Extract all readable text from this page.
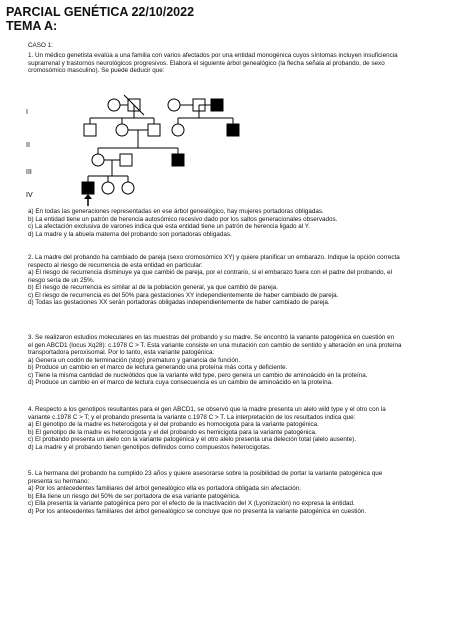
PARCIAL GENÉTICA 22/10/2022
TEMA A:
CASO 1:
1. Un médico genetista evalúa a una familia con varios afectados por una entidad monogénica cuyos síntomas incluyen insuficiencia
suprarrenal y trastornos neurológicos progresivos. Elabora el siguiente árbol genealógico (la flecha señala al probando, de sexo
cromosómico masculino). Se puede deducir que:
I
II
III
IV
a) En todas las generaciones representadas en ese árbol genealógico, hay mujeres portadoras obligadas.
b) La entidad tiene un patrón de herencia autosómico recesivo dado por los saltos generacionales observados.
c) La afectación exclusiva de varones indica que esta entidad tiene un patrón de herencia ligado al Y.
d) La madre y la abuela materna del probando son portadoras obligadas.
2. La madre del probando ha cambiado de pareja (sexo cromosómico XY) y quiere planificar un embarazo. Indique la opción correcta
respecto al riesgo de recurrencia de esta entidad en particular:
a) El riesgo de recurrencia disminuye ya que cambió de pareja, por el contrario, si el embarazo fuera con el padre del probando, el
riesgo sería de un 25%.
b) El riesgo de recurrencia es similar al de la población general, ya que cambió de pareja.
c) El riesgo de recurrencia es del 50% para gestaciones XY independientemente de haber cambiado de pareja.
d) Todas las gestaciones XX serán portadoras obligadas independientemente de haber cambiado de pareja.
3. Se realizaron estudios moleculares en las muestras del probando y su madre. Se encontró la variante patogénica en cuestión en
el gen ABCD1 (locus Xq28): c.1978 C > T. Esta variante consiste en una mutación con cambio de sentido y alteración en una proteína
transportadora peroxisomal. Por lo tanto, esta variante patogénica:
a) Genera un codón de terminación (stop) prematuro y ganancia de función.
b) Produce un cambio en el marco de lectura generando una proteína más corta y deficiente.
c) Tiene la misma cantidad de nucleótidos que la variante wild type, pero genera un cambio de aminoácido en la proteína.
d) Produce un cambio en el marco de lectura cuya consecuencia es un cambio de aminoácido en la proteína.
4. Respecto a los genotipos resultantes para el gen ABCD1, se observó que la madre presenta un alelo wild type y el otro con la
variante c.1978 C > T; y el probando presenta la variante c.1978 C > T. La interpretación de los resultados indica que:
a) El genotipo de la madre es heterocigota y el del probando es homocigota para la variante patogénica.
b) El genotipo de la madre es heterocigota y el del probando es hemicigota para la variante patogénica.
c) El probando presenta un alelo con la variante patogénica y el otro alelo presenta una deleción total (alelo ausente).
d) La madre y el probando tienen genotipos definidos como compuestos heterocigotas.
5. La hermana del probando ha cumplido 23 años y quiere asesorarse sobre la posibilidad de portar la variante patogénica que
presenta su hermano:
a) Por los antecedentes familiares del árbol genealógico ella es portadora obligada sin afectación.
b) Ella tiene un riesgo del 50% de ser portadora de esa variante patogénica.
c) Ella presenta la variante patogénica pero por el efecto de la inactivación del X (Lyonización) no expresa la entidad.
d) Por los antecedentes familiares del árbol genealógico se concluye que no presenta la variante patogénica en cuestión.
